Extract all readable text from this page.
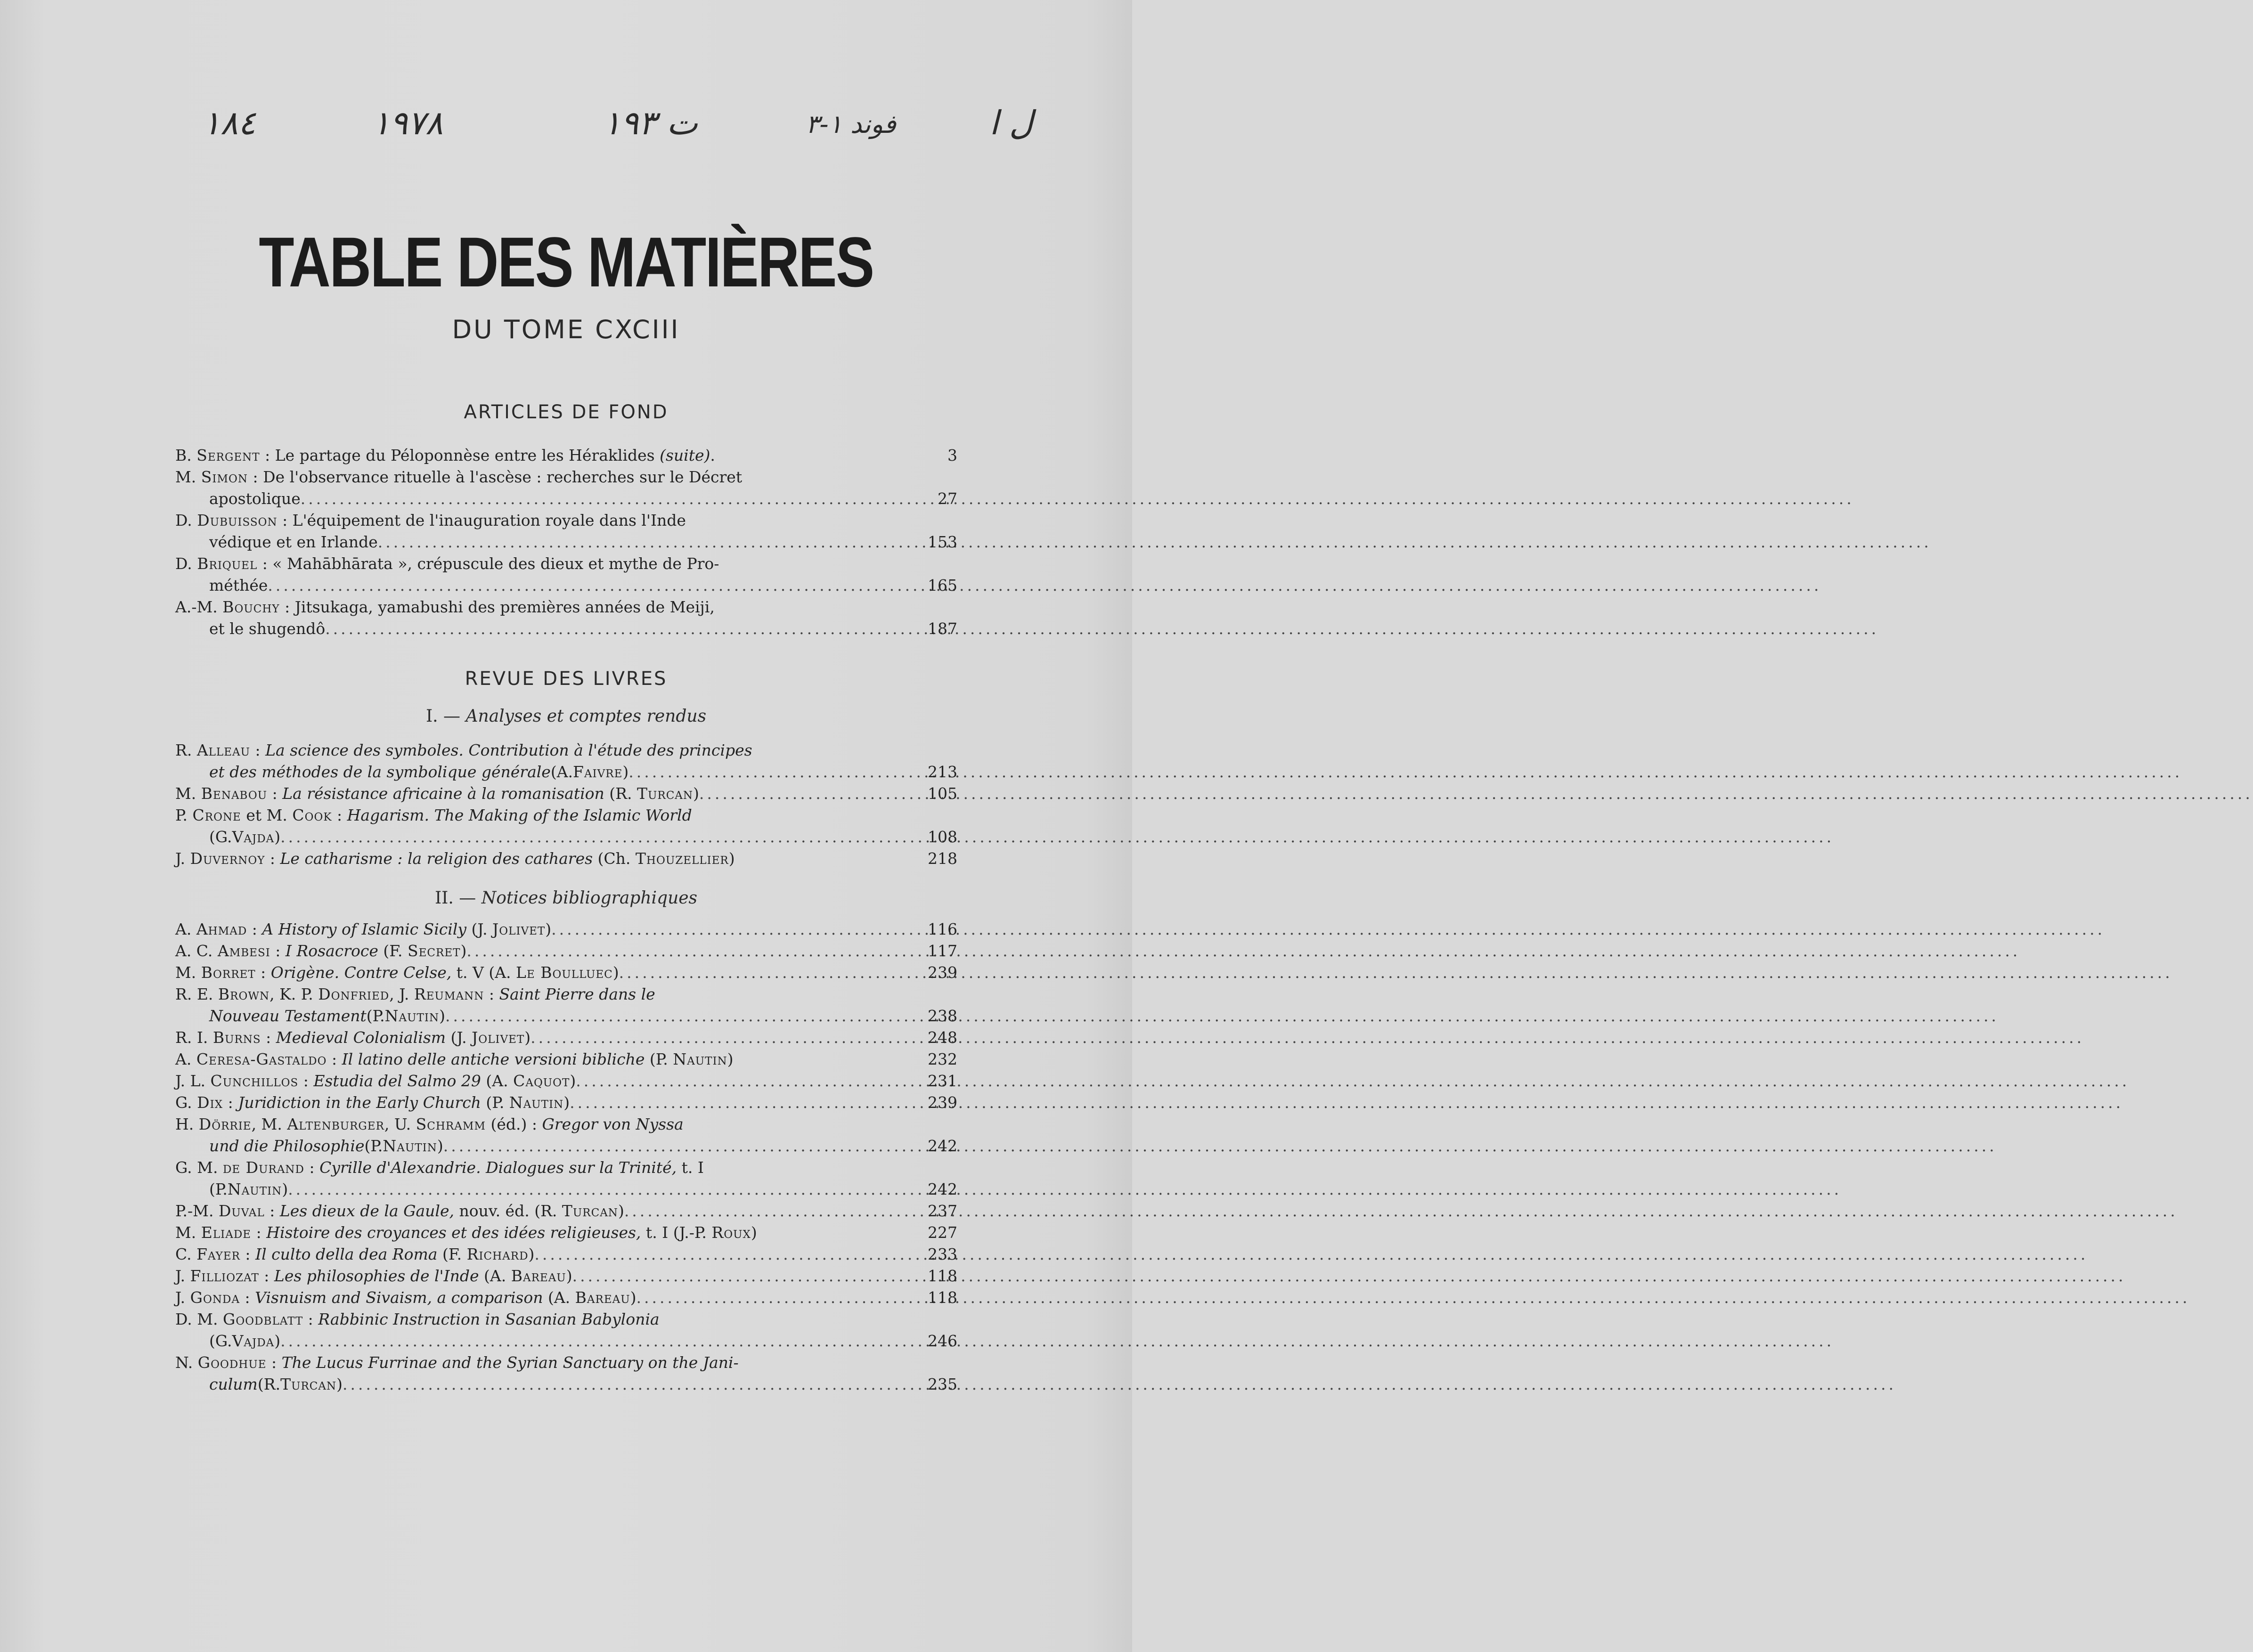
١٨٤	١٩٧٨	ت ١٩٣	فوند ١-٣	ل ا
TABLE DES MATIÈRES
DU TOME CXCIII
ARTICLES DE FOND
B. Sergent : Le partage du Péloponnèse entre les Héraklides (suite).	3
M. Simon : De l'observance rituelle à l'ascèse : recherches sur le Décret
apostolique .....	27
D. Dubuisson : L'équipement de l'inauguration royale dans l'Inde
védique et en Irlande .....	153
D. Briquel : « Mahābhārata », crépuscule des dieux et mythe de Pro-
méthée .....	165
A.-M. Bouchy : Jitsukaga, yamabushi des premières années de Meiji,
et le shugendô .....	187
REVUE DES LIVRES
I. — Analyses et comptes rendus
R. Alleau : La science des symboles. Contribution à l'étude des principes
et des méthodes de la symbolique générale (A. Faivre ) .....	213
M. Benabou : La résistance africaine à la romanisation (R. Turcan) .....	105
P. Crone et M. Cook : Hagarism. The Making of the Islamic World
(G. Vajda ) .....	108
J. Duvernoy : Le catharisme : la religion des cathares (Ch. Thouzellier)	218
II. — Notices bibliographiques
A. Ahmad : A History of Islamic Sicily (J. Jolivet) .....	116
A. C. Ambesi : I Rosacroce (F. Secret) .....	117
M. Borret : Origène. Contre Celse, t. V (A. Le Boulluec) .....	239
R. E. Brown, K. P. Donfried, J. Reumann : Saint Pierre dans le
Nouveau Testament (P. Nautin ) .....	238
R. I. Burns : Medieval Colonialism (J. Jolivet) .....	248
A. Ceresa-Gastaldo : Il latino delle antiche versioni bibliche (P. Nautin)	232
J. L. Cunchillos : Estudia del Salmo 29 (A. Caquot) .....	231
G. Dix : Juridiction in the Early Church (P. Nautin) .....	239
H. Dörrie, M. Altenburger, U. Schramm (éd.) : Gregor von Nyssa
und die Philosophie (P. Nautin ) .....	242
G. M. de Durand : Cyrille d'Alexandrie. Dialogues sur la Trinité, t. I
(P. Nautin ) .....	242
P.-M. Duval : Les dieux de la Gaule, nouv. éd. (R. Turcan) .....	237
M. Eliade : Histoire des croyances et des idées religieuses, t. I (J.-P. Roux)	227
C. Fayer : Il culto della dea Roma (F. Richard) .....	233
J. Filliozat : Les philosophies de l'Inde (A. Bareau) .....	118
J. Gonda : Visnuism and Sivaism, a comparison (A. Bareau) .....	118
D. M. Goodblatt : Rabbinic Instruction in Sasanian Babylonia
(G. Vajda ) .....	246
N. Goodhue : The Lucus Furrinae and the Syrian Sanctuary on the Jani-
culum (R. Turcan ) .....	235
